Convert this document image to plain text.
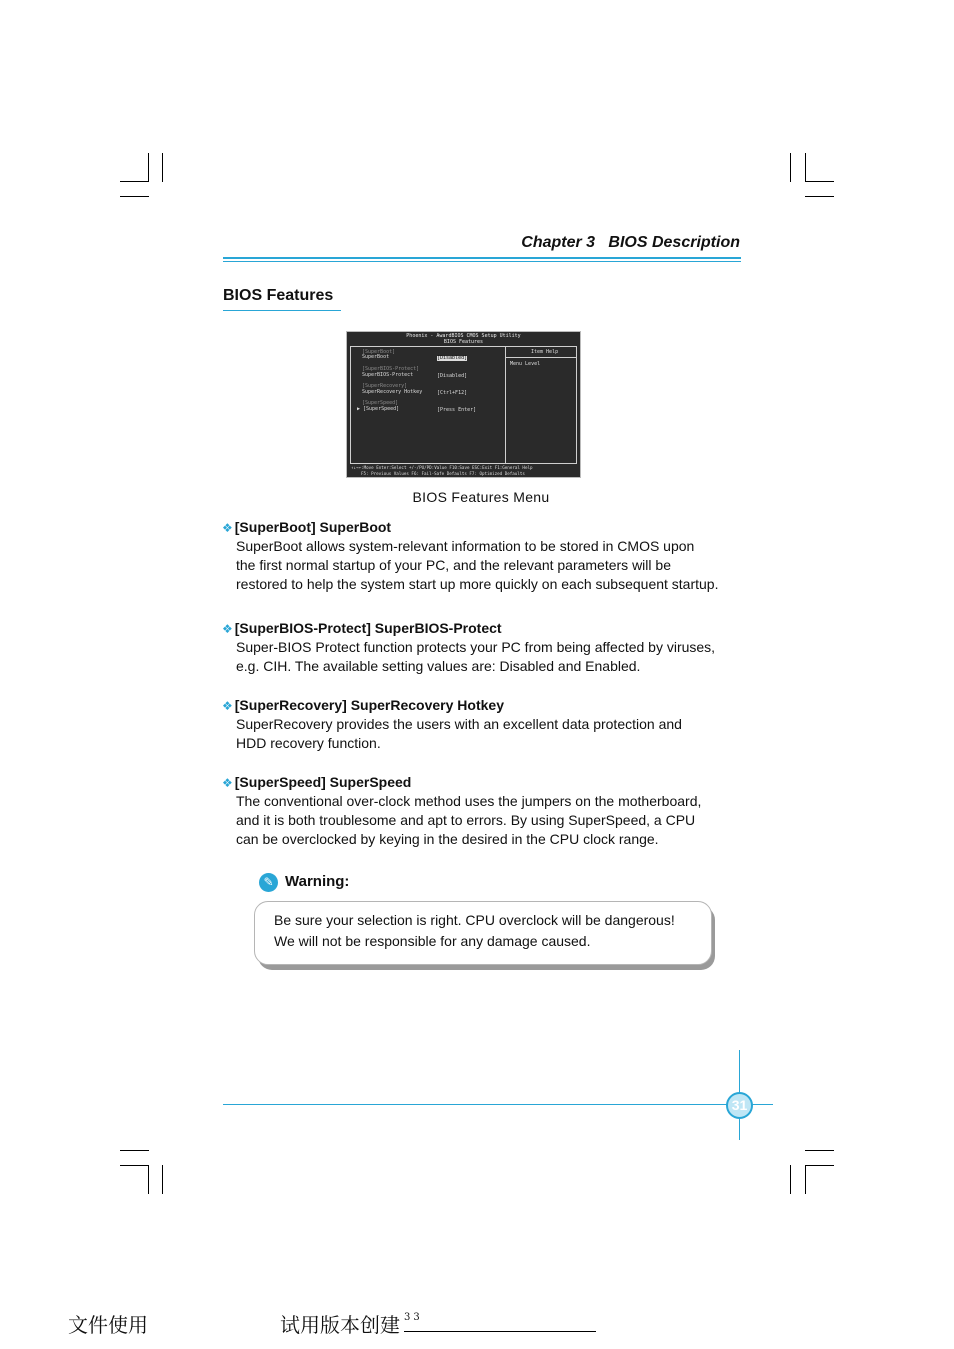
Chapter 3   BIOS Description
BIOS Features
Phoenix - AwardBIOS CMOS Setup Utility
BIOS Features
[SuperBoot]
SuperBoot	[Disabled]
[SuperBIOS-Protect]
SuperBIOS-Protect	[Disabled]
[SuperRecovery]
SuperRecovery Hotkey	[Ctrl+F12]
[SuperSpeed]
▶ [SuperSpeed]	[Press Enter]
Item Help
Menu Level
↑↓→←:Move Enter:Select +/-/PU/PD:Value F10:Save ESC:Exit F1:General Help
F5: Previous Values F6: Fail-Safe Defaults F7: Optimized Defaults
BIOS Features Menu
❖ [SuperBoot] SuperBoot
SuperBoot allows system-relevant information to be stored in CMOS upon
the first normal startup of your PC, and the relevant parameters will be
restored to help the system start up more quickly on each subsequent startup.
❖ [SuperBIOS-Protect] SuperBIOS-Protect
Super-BIOS Protect function protects your PC from being affected by viruses,
e.g. CIH. The available setting values are: Disabled and Enabled.
❖ [SuperRecovery] SuperRecovery Hotkey
SuperRecovery provides the users with an excellent data protection and
HDD recovery function.
❖ [SuperSpeed] SuperSpeed
The conventional over-clock method uses the jumpers on the motherboard,
and it is both troublesome and apt to errors. By using SuperSpeed, a CPU
can be overclocked by keying in the desired in the CPU clock range.
✎ Warning:
Be sure your selection is right. CPU overclock will be dangerous!
We will not be responsible for any damage caused.
31
文件使用	试用版本创建 33
